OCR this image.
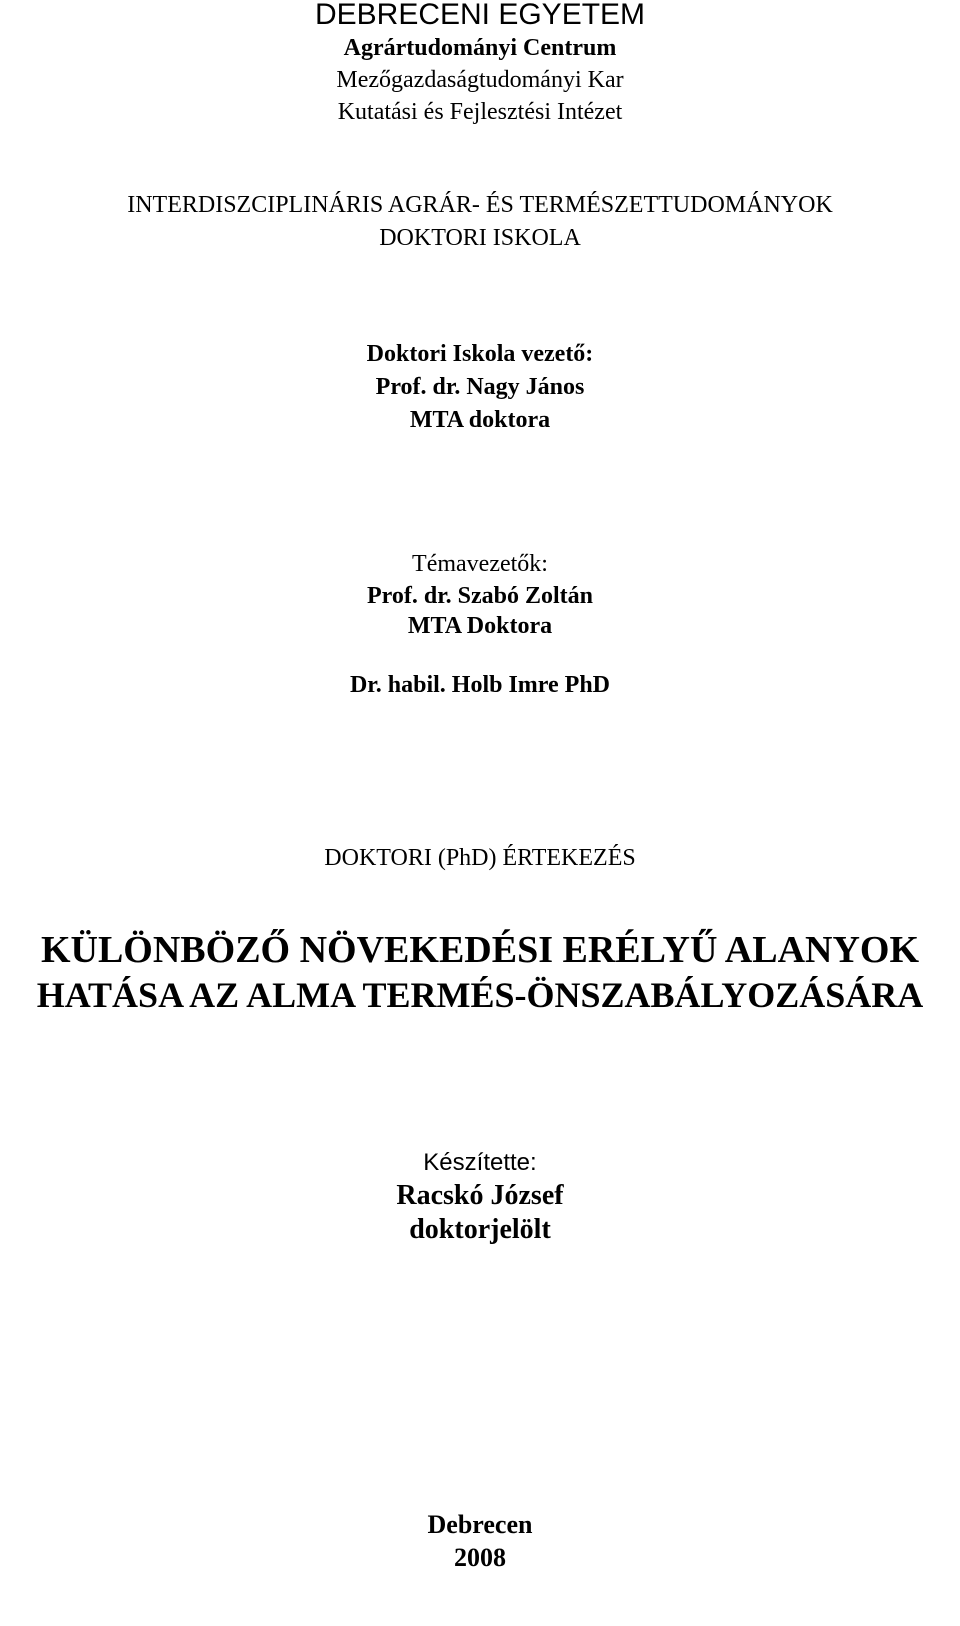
DEBRECENI EGYETEM
Agrártudományi Centrum
Mezőgazdaságtudományi Kar
Kutatási és Fejlesztési Intézet
INTERDISZCIPLINÁRIS AGRÁR- ÉS TERMÉSZETTUDOMÁNYOK
DOKTORI ISKOLA
Doktori Iskola vezető:
Prof. dr. Nagy János
MTA doktora
Témavezetők:
Prof. dr. Szabó Zoltán
MTA Doktora
Dr. habil. Holb Imre PhD
DOKTORI (PhD) ÉRTEKEZÉS
KÜLÖNBÖZŐ NÖVEKEDÉSI ERÉLYŰ ALANYOK
HATÁSA AZ ALMA TERMÉS-ÖNSZABÁLYOZÁSÁRA
Készítette:
Racskó József
doktorjelölt
Debrecen
2008
